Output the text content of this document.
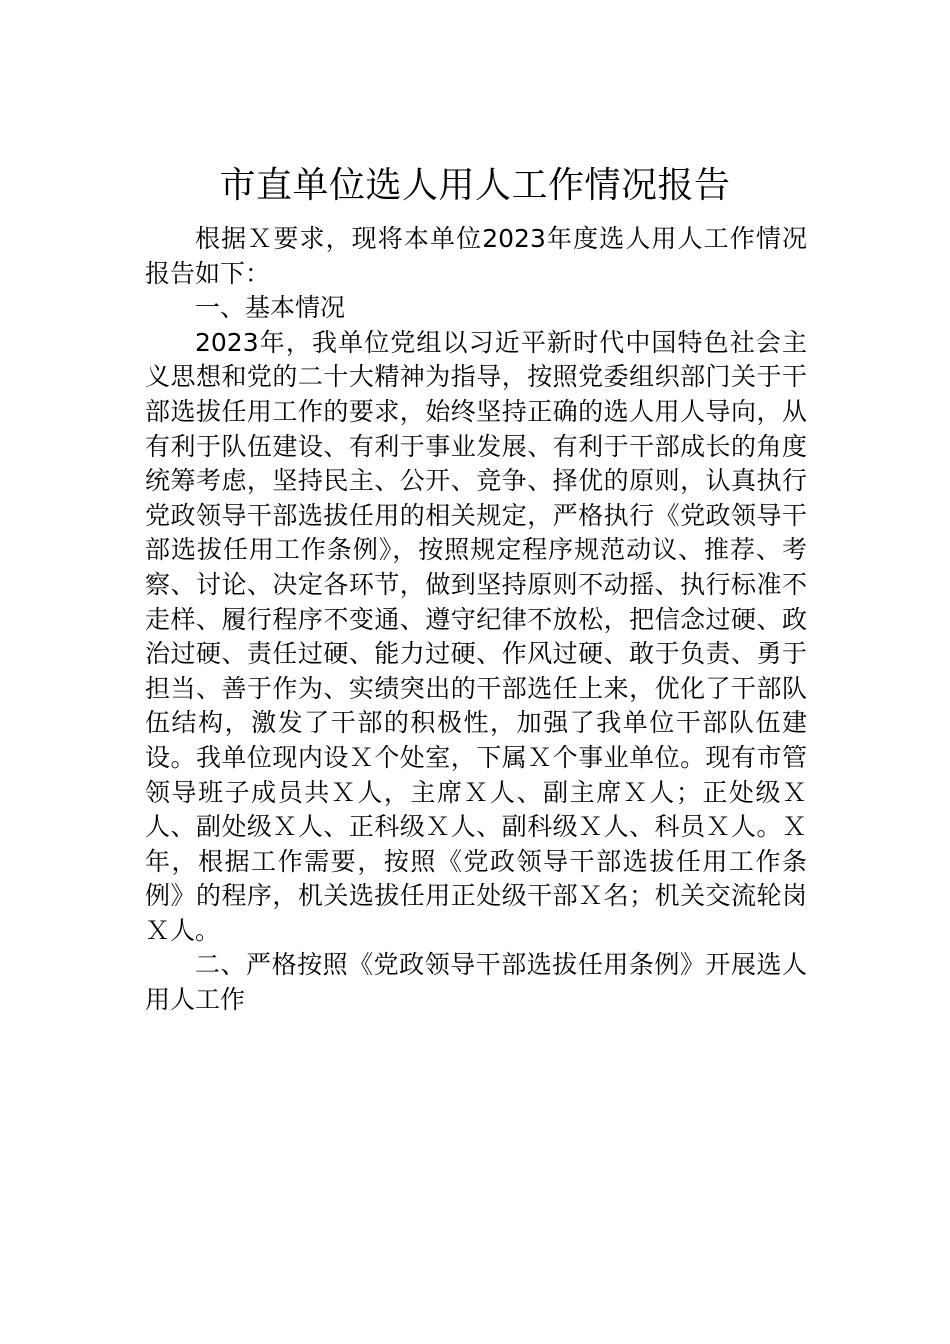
市直单位选人用人工作情况报告

根据Ｘ要求，现将本单位2023年度选人用人工作情况报告如下：

一、基本情况

2023年，我单位党组以习近平新时代中国特色社会主义思想和党的二十大精神为指导，按照党委组织部门关于干部选拔任用工作的要求，始终坚持正确的选人用人导向，从有利于队伍建设、有利于事业发展、有利于干部成长的角度统筹考虑，坚持民主、公开、竞争、择优的原则，认真执行党政领导干部选拔任用的相关规定，严格执行《党政领导干部选拔任用工作条例》，按照规定程序规范动议、推荐、考察、讨论、决定各环节，做到坚持原则不动摇、执行标准不走样、履行程序不变通、遵守纪律不放松，把信念过硬、政治过硬、责任过硬、能力过硬、作风过硬、敢于负责、勇于担当、善于作为、实绩突出的干部选任上来，优化了干部队伍结构，激发了干部的积极性，加强了我单位干部队伍建设。我单位现内设Ｘ个处室，下属Ｘ个事业单位。现有市管领导班子成员共Ｘ人，主席Ｘ人、副主席Ｘ人；正处级Ｘ人、副处级Ｘ人、正科级Ｘ人、副科级Ｘ人、科员Ｘ人。Ｘ年，根据工作需要，按照《党政领导干部选拔任用工作条例》的程序，机关选拔任用正处级干部Ｘ名；机关交流轮岗Ｘ人。

二、严格按照《党政领导干部选拔任用条例》开展选人用人工作
